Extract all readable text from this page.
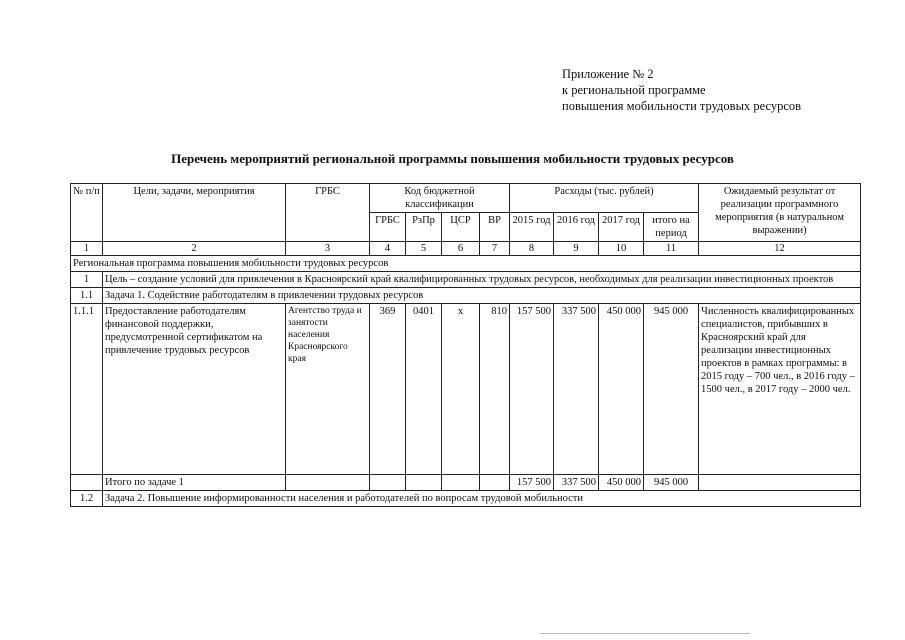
Приложение № 2
к региональной программе
повышения мобильности трудовых ресурсов
Перечень мероприятий региональной программы повышения мобильности трудовых ресурсов
№ п/п	Цели, задачи, мероприятия	ГРБС	Код бюджетной классификации				Расходы (тыс. рублей)				Ожидаемый результат от реализации программного мероприятия (в натуральном выражении)
			ГРБС	РзПр	ЦСР	ВР	2015 год	2016 год	2017 год	итого на период	
1	2	3	4	5	6	7	8	9	10	11	12
Региональная программа повышения мобильности трудовых ресурсов											
1	Цель – создание условий для привлечения в Красноярский край квалифицированных трудовых ресурсов, необходимых для реализации инвестиционных проектов										
1.1	Задача 1. Содействие работодателям в привлечении трудовых ресурсов										
1.1.1	Предоставление работодателям финансовой поддержки, предусмотренной сертификатом на привлечение трудовых ресурсов	Агентство труда и занятости населения Красноярского края	369	0401	х	810	157 500	337 500	450 000	945 000	Численность квалифицированных специалистов, прибывших в Красноярский край для реализации инвестиционных проектов в рамках программы: в 2015 году – 700 чел., в 2016 году – 1500 чел., в 2017 году – 2000 чел.
	Итого по задаче 1						157 500	337 500	450 000	945 000	
1.2	Задача 2. Повышение информированности населения и работодателей по вопросам трудовой мобильности										
